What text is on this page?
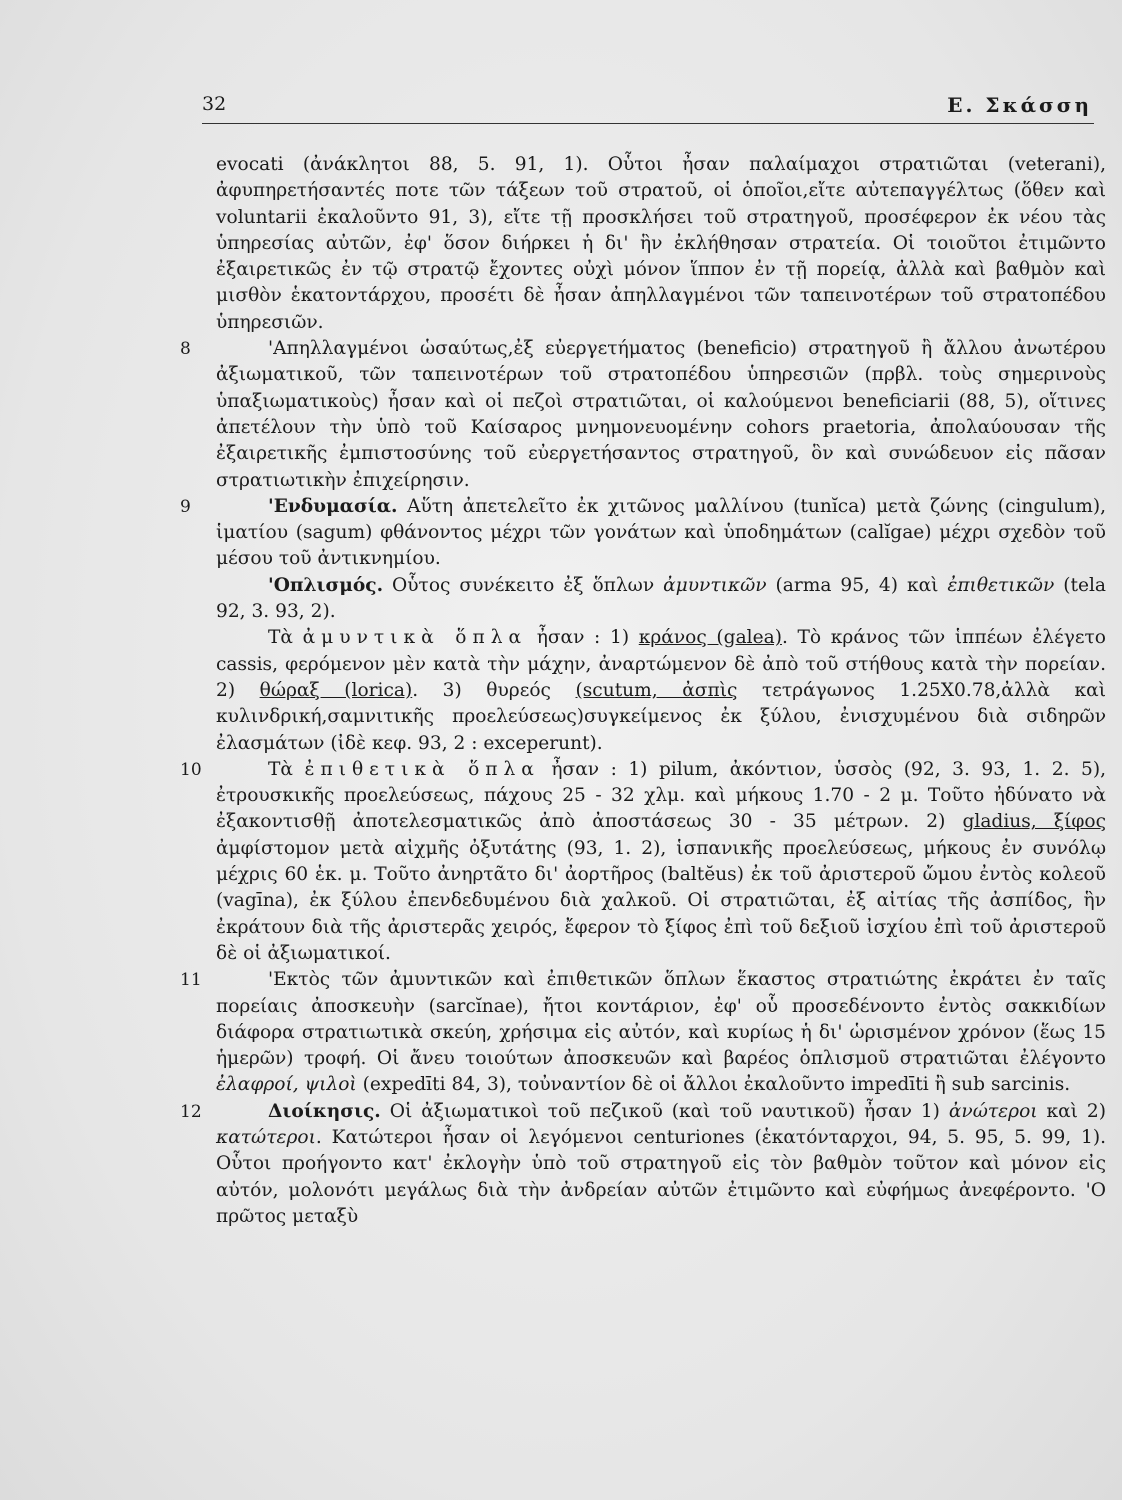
32	Ε. Σκάσση

evocati (ἀνάκλητοι 88, 5. 91, 1). Οὗτοι ἦσαν παλαίμαχοι στρατιῶται (veterani), ἀφυπηρετήσαντές ποτε τῶν τάξεων τοῦ στρατοῦ, οἱ ὁποῖοι,εἴτε αὐτεπαγγέλτως (ὅθεν καὶ voluntarii ἐκαλοῦντο 91, 3), εἴτε τῇ προσκλήσει τοῦ στρατηγοῦ, προσέφερον ἐκ νέου τὰς ὑπηρεσίας αὐτῶν, ἐφ' ὅσον διήρκει ἡ δι' ἣν ἐκλήθησαν στρατεία. Οἱ τοιοῦτοι ἐτιμῶντο ἐξαιρετικῶς ἐν τῷ στρατῷ ἔχοντες οὐχὶ μόνον ἵππον ἐν τῇ πορείᾳ, ἀλλὰ καὶ βαθμὸν καὶ μισθὸν ἑκατοντάρχου, προσέτι δὲ ἦσαν ἀπηλλαγμένοι τῶν ταπεινοτέρων τοῦ στρατοπέδου ὑπηρεσιῶν.

8	'Απηλλαγμένοι ὡσαύτως,ἐξ εὐεργετήματος (beneficio) στρατηγοῦ ἢ ἄλλου ἀνωτέρου ἀξιωματικοῦ, τῶν ταπεινοτέρων τοῦ στρατοπέδου ὑπηρεσιῶν (πρβλ. τοὺς σημερινοὺς ὑπαξιωματικοὺς) ἦσαν καὶ οἱ πεζοὶ στρατιῶται, οἱ καλούμενοι beneficiarii (88, 5), οἵτινες ἀπετέλουν τὴν ὑπὸ τοῦ Καίσαρος μνημονευομένην cohors praetoria, ἀπολαύουσαν τῆς ἐξαιρετικῆς ἐμπιστοσύνης τοῦ εὐεργετήσαντος στρατηγοῦ, ὃν καὶ συνώδευον εἰς πᾶσαν στρατιωτικὴν ἐπιχείρησιν.

9	'Ενδυμασία. Αὕτη ἀπετελεῖτο ἐκ χιτῶνος μαλλίνου (tunĭca) μετὰ ζώνης (cingulum), ἱματίου (sagum) φθάνοντος μέχρι τῶν γονάτων καὶ ὑποδημάτων (calĭgae) μέχρι σχεδὸν τοῦ μέσου τοῦ ἀντικνημίου.

'Οπλισμός. Οὗτος συνέκειτο ἐξ ὅπλων ἀμυντικῶν (arma 95, 4) καὶ ἐπιθετικῶν (tela 92, 3. 93, 2).

Τὰ ἀμυντικὰ ὅπλα ἦσαν : 1) κράνος (galea). Τὸ κράνος τῶν ἱππέων ἐλέγετο cassis, φερόμενον μὲν κατὰ τὴν μάχην, ἀναρτώμενον δὲ ἀπὸ τοῦ στήθους κατὰ τὴν πορείαν. 2) θώραξ (lorica). 3) θυρεός (scutum, ἀσπὶς τετράγωνος 1.25X0.78,ἀλλὰ καὶ κυλινδρική,σαμνιτικῆς προελεύσεως)συγκείμενος ἐκ ξύλου, ἐνισχυμένου διὰ σιδηρῶν ἐλασμάτων (ἰδὲ κεφ. 93, 2 : exceperunt).

10	Τὰ ἐπιθετικὰ ὅπλα ἦσαν : 1) pilum, ἀκόντιον, ὑσσὸς (92, 3. 93, 1. 2. 5), ἐτρουσκικῆς προελεύσεως, πάχους 25 - 32 χλμ. καὶ μήκους 1.70 - 2 μ. Τοῦτο ἠδύνατο νὰ ἐξακοντισθῇ ἀποτελεσματικῶς ἀπὸ ἀποστάσεως 30 - 35 μέτρων. 2) gladius, ξίφος ἀμφίστομον μετὰ αἰχμῆς ὀξυτάτης (93, 1. 2), ἱσπανικῆς προελεύσεως, μήκους ἐν συνόλῳ μέχρις 60 ἑκ. μ. Τοῦτο ἀνηρτᾶτο δι' ἀορτῆρος (baltĕus) ἐκ τοῦ ἀριστεροῦ ὤμου ἐντὸς κολεοῦ (vagīna), ἐκ ξύλου ἐπενδεδυμένου διὰ χαλκοῦ. Οἱ στρατιῶται, ἐξ αἰτίας τῆς ἀσπίδος, ἣν ἐκράτουν διὰ τῆς ἀριστερᾶς χειρός, ἔφερον τὸ ξίφος ἐπὶ τοῦ δεξιοῦ ἰσχίου ἐπὶ τοῦ ἀριστεροῦ δὲ οἱ ἀξιωματικοί.

11	'Εκτὸς τῶν ἀμυντικῶν καὶ ἐπιθετικῶν ὅπλων ἕκαστος στρατιώτης ἐκράτει ἐν ταῖς πορείαις ἀποσκευὴν (sarcĭnae), ἤτοι κοντάριον, ἐφ' οὗ προσεδένοντο ἐντὸς σακκιδίων διάφορα στρατιωτικὰ σκεύη, χρήσιμα εἰς αὐτόν, καὶ κυρίως ἡ δι' ὡρισμένον χρόνον (ἕως 15 ἡμερῶν) τροφή. Οἱ ἄνευ τοιούτων ἀποσκευῶν καὶ βαρέος ὁπλισμοῦ στρατιῶται ἐλέγοντο ἐλαφροί, ψιλοὶ (expedīti 84, 3), τοὐναντίον δὲ οἱ ἄλλοι ἐκαλοῦντο impedīti ἢ sub sarcinis.

12	Διοίκησις. Οἱ ἀξιωματικοὶ τοῦ πεζικοῦ (καὶ τοῦ ναυτικοῦ) ἦσαν 1) ἀνώτεροι καὶ 2) κατώτεροι. Κατώτεροι ἦσαν οἱ λεγόμενοι centuriones (ἑκατόνταρχοι, 94, 5. 95, 5. 99, 1). Οὗτοι προήγοντο κατ' ἐκλογὴν ὑπὸ τοῦ στρατηγοῦ εἰς τὸν βαθμὸν τοῦτον καὶ μόνον εἰς αὐτόν, μολονότι μεγάλως διὰ τὴν ἀνδρείαν αὐτῶν ἐτιμῶντο καὶ εὐφήμως ἀνεφέροντο. 'Ο πρῶτος μεταξὺ
